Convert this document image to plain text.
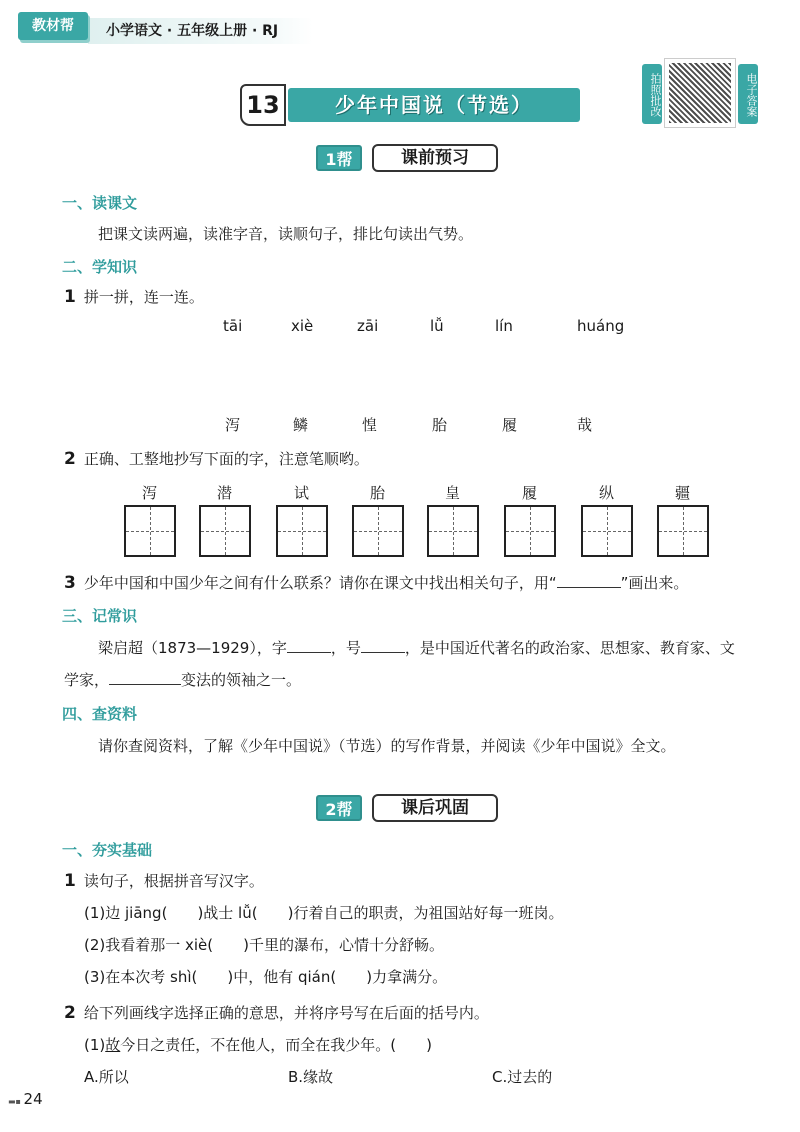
小学语文 · 五年级上册 · RJ
教材帮
13	少年中国说（节选）	拍照批改	电子答案
1帮	课前预习
一、读课文
把课文读两遍，读准字音，读顺句子，排比句读出气势。
二、学知识
1 拼一拼，连一连。
tāi	xiè	zāi	lǚ	lín	huáng
泻	鳞	惶	胎	履	哉
2 正确、工整地抄写下面的字，注意笔顺哟。
泻	潜	试	胎	皇	履	纵	疆
3 少年中国和中国少年之间有什么联系？请你在课文中找出相关句子，用“	”画出来。
三、记常识
梁启超（1873—1929），字	，号	，是中国近代著名的政治家、思想家、教育家、文
学家，	变法的领袖之一。
四、查资料
请你查阅资料，了解《少年中国说》（节选）的写作背景，并阅读《少年中国说》全文。
2帮	课后巩固
一、夯实基础
1 读句子，根据拼音写汉字。
(1)边 jiāng( )战士 lǚ( )行着自己的职责，为祖国站好每一班岗。
(2)我看着那一 xiè( )千里的瀑布，心情十分舒畅。
(3)在本次考 shì( )中，他有 qián( )力拿满分。
2 给下列画线字选择正确的意思，并将序号写在后面的括号内。
(1)故今日之责任，不在他人，而全在我少年。( )
A.所以	B.缘故	C.过去的
▬▪ 24
